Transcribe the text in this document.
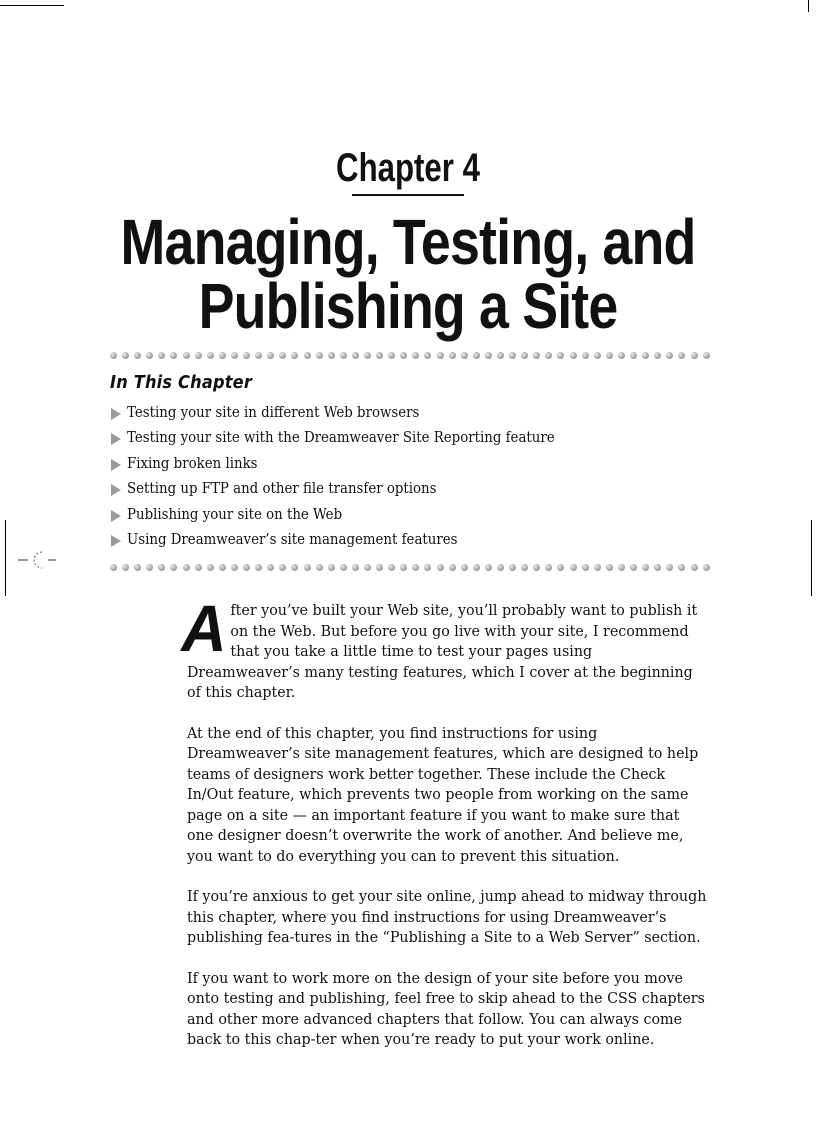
Chapter 4
Managing, Testing, and
Publishing a Site
In This Chapter
Testing your site in different Web browsers
Testing your site with the Dreamweaver Site Reporting feature
Fixing broken links
Setting up FTP and other file transfer options
Publishing your site on the Web
Using Dreamweaver’s site management features

After you’ve built your Web site, you’ll probably want to publish it on the Web. But before you go live with your site, I recommend that you take a little time to test your pages using Dreamweaver’s many testing features, which I cover at the beginning of this chapter.

At the end of this chapter, you find instructions for using Dreamweaver’s site management features, which are designed to help teams of designers work better together. These include the Check In/Out feature, which prevents two people from working on the same page on a site — an important feature if you want to make sure that one designer doesn’t overwrite the work of another. And believe me, you want to do everything you can to prevent this situation.

If you’re anxious to get your site online, jump ahead to midway through this chapter, where you find instructions for using Dreamweaver’s publishing fea-tures in the “Publishing a Site to a Web Server” section.

If you want to work more on the design of your site before you move onto testing and publishing, feel free to skip ahead to the CSS chapters and other more advanced chapters that follow. You can always come back to this chap-ter when you’re ready to put your work online.
